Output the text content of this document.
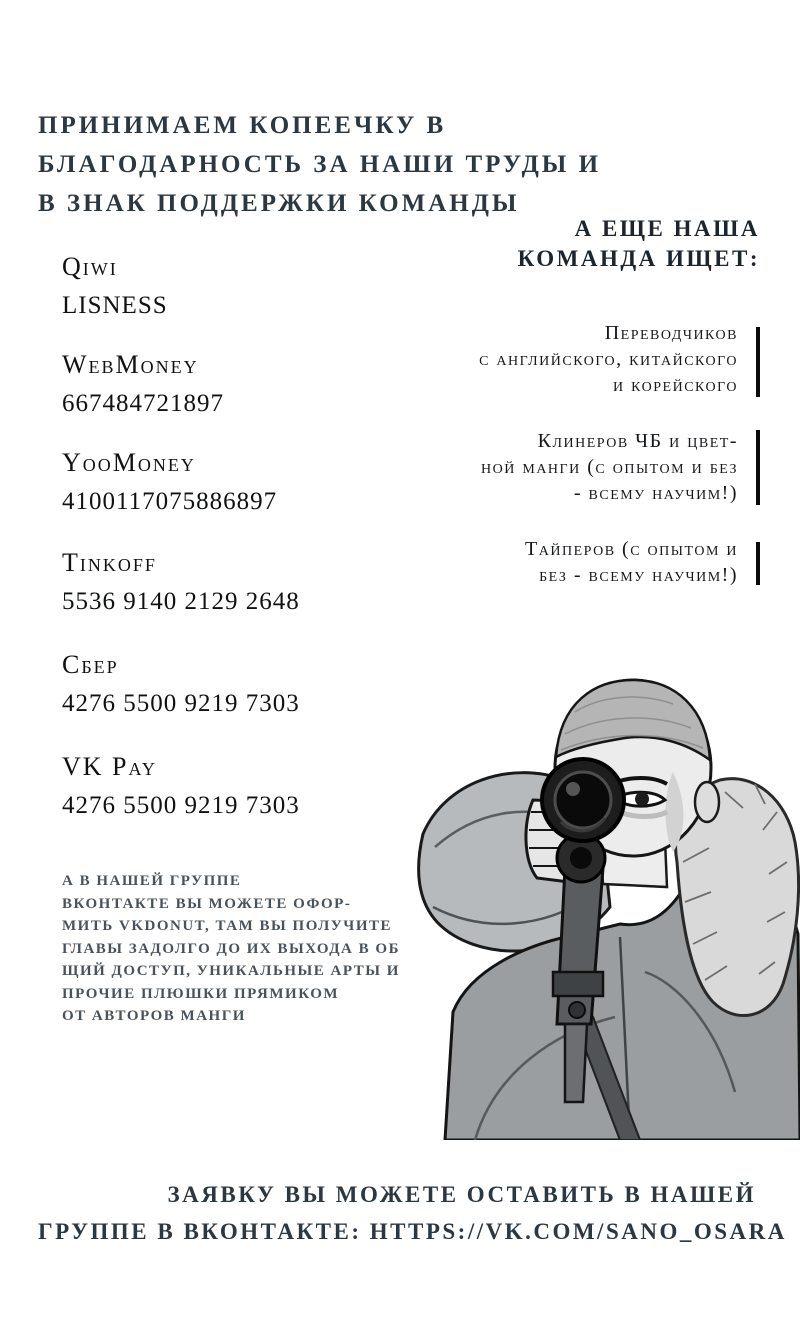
ПРИНИМАЕМ КОПЕЕЧКУ В
БЛАГОДАРНОСТЬ ЗА НАШИ ТРУДЫ И
В ЗНАК ПОДДЕРЖКИ КОМАНДЫ
А ЕЩЕ НАША
КОМАНДА ИЩЕТ:
Qiwi
LISNESS
WebMoney
667484721897
YooMoney
4100117075886897
Tinkoff
5536 9140 2129 2648
Сбер
4276 5500 9219 7303
VK Pay
4276 5500 9219 7303
Переводчиков
с английского, китайского
и корейского
Клинеров ЧБ и цвет-
ной манги (с опытом и без
- всему научим!)
Тайперов (с опытом и
без - всему научим!)
А В НАШЕЙ ГРУППЕ
ВКОНТАКТЕ ВЫ МОЖЕТЕ ОФОР-
МИТЬ VKDONUT, ТАМ ВЫ ПОЛУЧИТЕ
ГЛАВЫ ЗАДОЛГО ДО ИХ ВЫХОДА В ОБ
ЩИЙ ДОСТУП, УНИКАЛЬНЫЕ АРТЫ И
ПРОЧИЕ ПЛЮШКИ ПРЯМИКОМ
ОТ АВТОРОВ МАНГИ
ЗАЯВКУ ВЫ МОЖЕТЕ ОСТАВИТЬ В НАШЕЙ
ГРУППЕ В ВКОНТАКТЕ: HTTPS://VK.COM/SANO_OSARA
